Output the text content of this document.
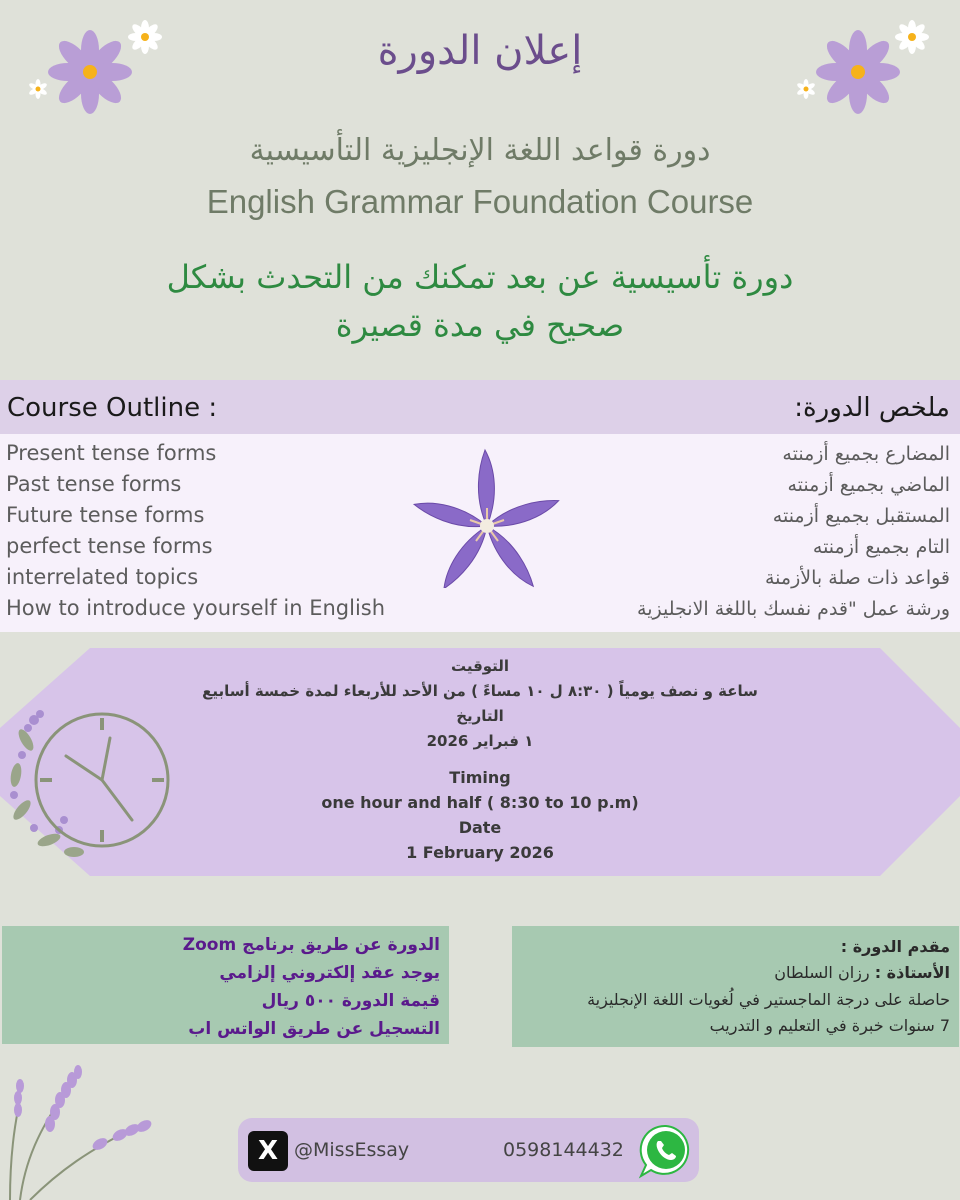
إعلان الدورة
دورة قواعد اللغة الإنجليزية التأسيسية
English Grammar Foundation Course
دورة تأسيسية عن بعد تمكنك من التحدث بشكل
صحيح في مدة قصيرة
Course Outline :	ملخص الدورة:
Present tense forms
Past tense forms
Future tense forms
perfect tense forms
interrelated topics
How to introduce yourself in English
المضارع بجميع أزمنته
الماضي بجميع أزمنته
المستقبل بجميع أزمنته
التام بجميع أزمنته
قواعد ذات صلة بالأزمنة
ورشة عمل "قدم نفسك باللغة الانجليزية
التوقيت
ساعة و نصف يومياً ( ٨:٣٠ ل ١٠ مساءً ) من الأحد للأربعاء لمدة خمسة أسابيع
التاريخ
١ فبراير 2026
Timing
one hour and half ( 8:30 to 10 p.m)
Date
1 February 2026
الدورة عن طريق برنامج Zoom
يوجد عقد إلكتروني إلزامي
قيمة الدورة ٥٠٠ ريال
التسجيل عن طريق الواتس اب
مقدم الدورة :
الأستاذة : رزان السلطان
حاصلة على درجة الماجستير في لُغويات اللغة الإنجليزية
7 سنوات خبرة في التعليم و التدريب
X @MissEssay	0598144432
